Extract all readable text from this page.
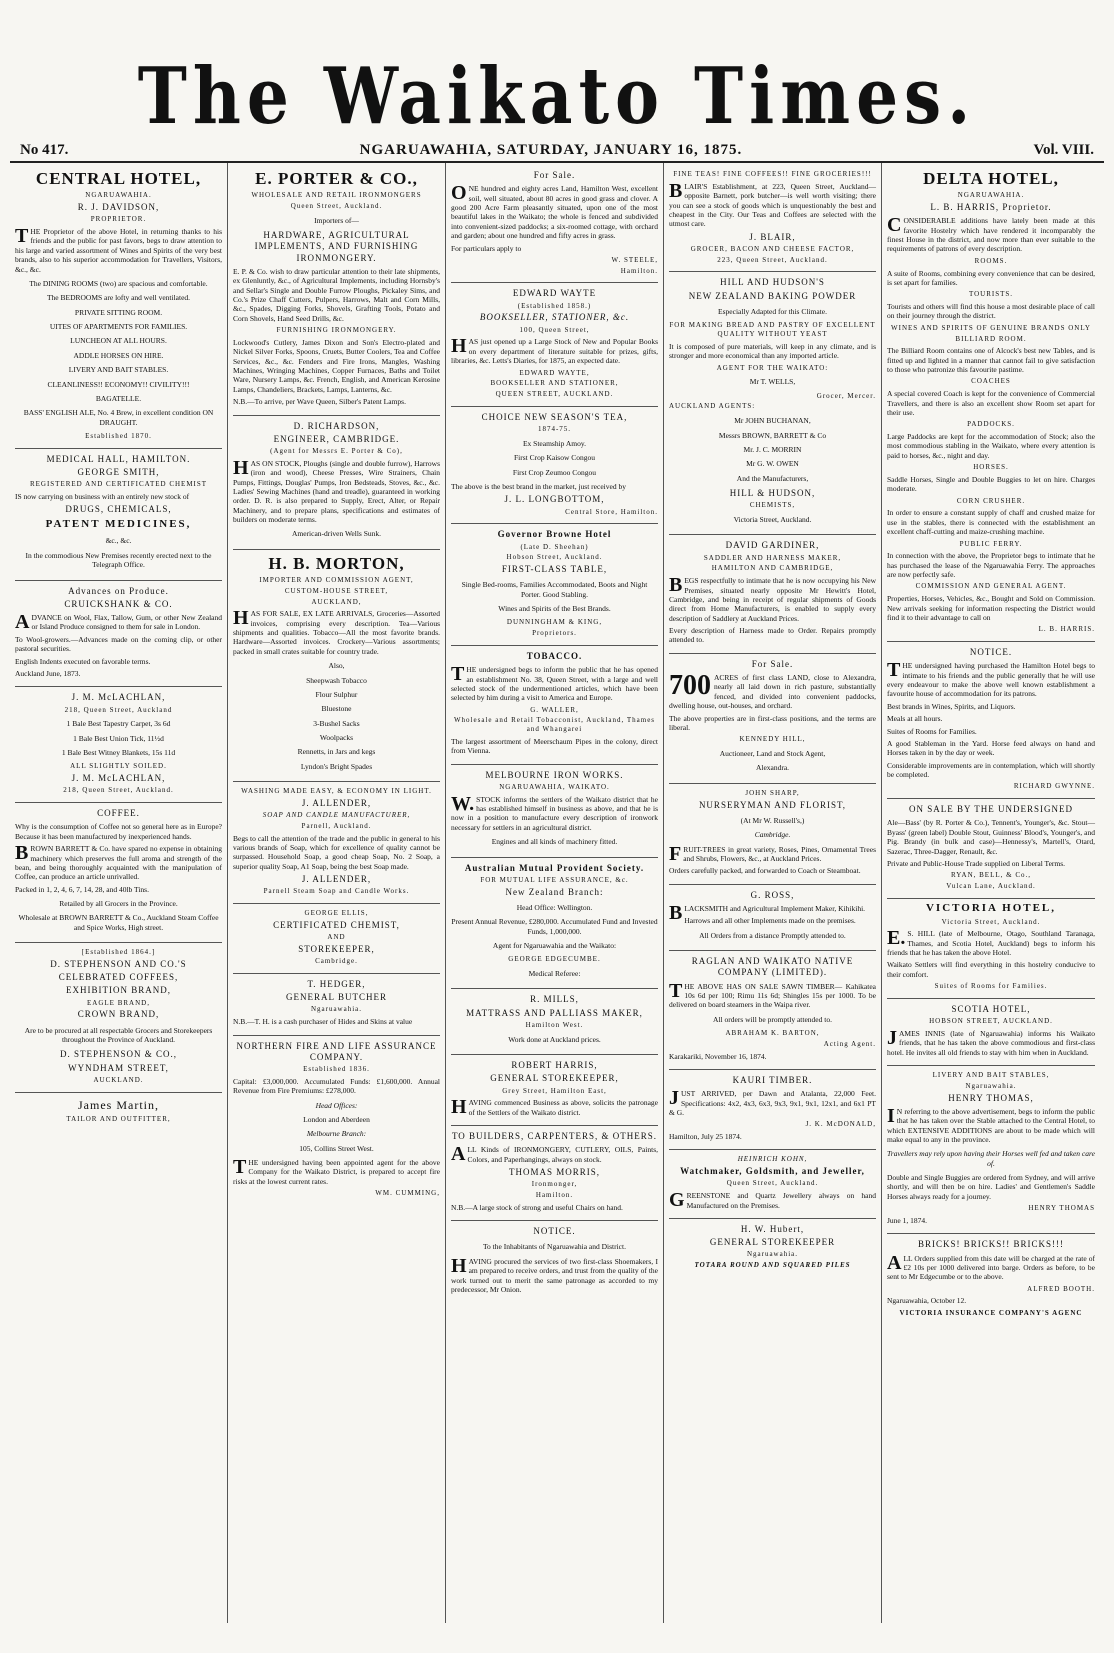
The Waikato Times.
No 417.	NGARUAWAHIA, SATURDAY, JANUARY 16, 1875.	Vol. VIII.
CENTRAL HOTEL,
NGARUAWAHIA.
R. J. DAVIDSON,
PROPRIETOR.
THE Proprietor of the above Hotel, in returning thanks to his friends and the public for past favors, begs to draw attention to his large and varied assortment of Wines and Spirits of the very best brands, also to his superior accommodation for Travellers, Visitors, &c., &c.
The DINING ROOMS (two) are spacious and comfortable.
The BEDROOMS are lofty and well ventilated.
PRIVATE SITTING ROOM.
UITES OF APARTMENTS FOR FAMILIES.
LUNCHEON AT ALL HOURS.
ADDLE HORSES ON HIRE.
LIVERY AND BAIT STABLES.
CLEANLINESS!! ECONOMY!! CIVILITY!!!
BAGATELLE.
BASS' ENGLISH ALE, No. 4 Brew, in excellent condition ON DRAUGHT.
Established 1870.
MEDICAL HALL, HAMILTON.
GEORGE SMITH,
REGISTERED AND CERTIFICATED CHEMIST
IS now carrying on business with an entirely new stock of
DRUGS, CHEMICALS,
PATENT MEDICINES,
&c., &c.
In the commodious New Premises recently erected next to the Telegraph Office.
Advances on Produce.
CRUICKSHANK & CO.
ADVANCE on Wool, Flax, Tallow, Gum, or other New Zealand or Island Produce consigned to them for sale in London.
To Wool-growers.—Advances made on the coming clip, or other pastoral securities.
English Indents executed on favorable terms.
Auckland June, 1873.
J. M. McLACHLAN,
218, Queen Street, Auckland
1 Bale Best Tapestry Carpet, 3s 6d
1 Bale Best Union Tick, 11½d
1 Bale Best Witney Blankets, 15s 11d
ALL SLIGHTLY SOILED.
J. M. McLACHLAN,
218, Queen Street, Auckland.
COFFEE.
Why is the consumption of Coffee not so general here as in Europe? Because it has been manufactured by inexperienced hands.
BROWN BARRETT & Co. have spared no expense in obtaining machinery which preserves the full aroma and strength of the bean, and being thoroughly acquainted with the manipulation of Coffee, can produce an article unrivalled.
Packed in 1, 2, 4, 6, 7, 14, 28, and 40lb Tins.
Retailed by all Grocers in the Province.
Wholesale at BROWN BARRETT & Co., Auckland Steam Coffee and Spice Works, High street.
[Established 1864.]
D. STEPHENSON AND CO.'S
CELEBRATED COFFEES,
EXHIBITION BRAND,
EAGLE BRAND,
CROWN BRAND,
Are to be procured at all respectable Grocers and Storekeepers throughout the Province of Auckland.
D. STEPHENSON & CO.,
WYNDHAM STREET,
AUCKLAND.
James Martin,
TAILOR AND OUTFITTER,
E. PORTER & CO.,
WHOLESALE AND RETAIL IRONMONGERS
Queen Street, Auckland.
Importers of—
HARDWARE, AGRICULTURAL IMPLEMENTS, AND FURNISHING IRONMONGERY.
E. P. & Co. wish to draw particular attention to their late shipments, ex Glenluntly, &c., of Agricultural Implements, including Hornsby's and Sellar's Single and Double Furrow Ploughs, Pickaley Sims, and Co.'s Prize Chaff Cutters, Pulpers, Harrows, Malt and Corn Mills, &c., Spades, Digging Forks, Shovels, Grafting Tools, Potato and Corn Shovels, Hand Seed Drills, &c.
FURNISHING IRONMONGERY.
Lockwood's Cutlery, James Dixon and Son's Electro-plated and Nickel Silver Forks, Spoons, Cruets, Butter Coolers, Tea and Coffee Services, &c., &c. Fenders and Fire Irons, Mangles, Washing Machines, Wringing Machines, Copper Furnaces, Baths and Toilet Ware, Nursery Lamps, &c. French, English, and American Kerosine Lamps, Chandeliers, Brackets, Lamps, Lanterns, &c.
N.B.—To arrive, per Wave Queen, Silber's Patent Lamps.
D. RICHARDSON,
ENGINEER, CAMBRIDGE.
(Agent for Messrs E. Porter & Co),
HAS ON STOCK, Ploughs (single and double furrow), Harrows (iron and wood), Cheese Presses, Wire Strainers, Chain Pumps, Fittings, Douglas' Pumps, Iron Bedsteads, Stoves, &c., &c. Ladies' Sewing Machines (hand and treadle), guaranteed in working order. D. R. is also prepared to Supply, Erect, Alter, or Repair Machinery, and to prepare plans, specifications and estimates of builders on moderate terms.
American-driven Wells Sunk.
H. B. MORTON,
IMPORTER AND COMMISSION AGENT,
CUSTOM-HOUSE STREET,
AUCKLAND,
HAS FOR SALE, EX LATE ARRIVALS, Groceries—Assorted invoices, comprising every description. Tea—Various shipments and qualities. Tobacco—All the most favorite brands. Hardware—Assorted invoices. Crockery—Various assortments; packed in small crates suitable for country trade.
Also,
Sheepwash Tobacco
Flour Sulphur
Bluestone
3-Bushel Sacks
Woolpacks
Rennetts, in Jars and kegs
Lyndon's Bright Spades
WASHING MADE EASY, & ECONOMY IN LIGHT.
J. ALLENDER,
SOAP AND CANDLE MANUFACTURER,
Parnell, Auckland.
Begs to call the attention of the trade and the public in general to his various brands of Soap, which for excellence of quality cannot be surpassed. Household Soap, a good cheap Soap, No. 2 Soap, a superior quality Soap, A1 Soap, being the best Soap made.
J. ALLENDER,
Parnell Steam Soap and Candle Works.
GEORGE ELLIS,
CERTIFICATED CHEMIST,
AND
STOREKEEPER,
Cambridge.
T. HEDGER,
GENERAL BUTCHER
Ngaruawahia.
N.B.—T. H. is a cash purchaser of Hides and Skins at value
NORTHERN FIRE AND LIFE ASSURANCE COMPANY.
Established 1836.
Capital: £3,000,000. Accumulated Funds: £1,600,000. Annual Revenue from Fire Premiums: £278,000.
Head Offices:
London and Aberdeen
Melbourne Branch:
105, Collins Street West.
THE undersigned having been appointed agent for the above Company for the Waikato District, is prepared to accept fire risks at the lowest current rates.
WM. CUMMING,
For Sale.
ONE hundred and eighty acres Land, Hamilton West, excellent soil, well situated, about 80 acres in good grass and clover. A good 200 Acre Farm pleasantly situated, upon one of the most beautiful lakes in the Waikato; the whole is fenced and subdivided into convenient-sized paddocks; a six-roomed cottage, with orchard and garden; about one hundred and fifty acres in grass.
For particulars apply to
W. STEELE,
Hamilton.
EDWARD WAYTE
(Established 1858.)
BOOKSELLER, STATIONER, &c.
100, Queen Street,
HAS just opened up a Large Stock of New and Popular Books on every department of literature suitable for prizes, gifts, libraries, &c. Letts's Diaries, for 1875, an expected date.
EDWARD WAYTE,
BOOKSELLER AND STATIONER,
QUEEN STREET, AUCKLAND.
CHOICE NEW SEASON'S TEA,
1874-75.
Ex Steamship Amoy.
First Crop Kaisow Congou
First Crop Zeumoo Congou
The above is the best brand in the market, just received by
J. L. LONGBOTTOM,
Central Store, Hamilton.
Governor Browne Hotel
(Late D. Sheehan)
Hobson Street, Auckland.
FIRST-CLASS TABLE,
Single Bed-rooms, Families Accommodated, Boots and Night Porter. Good Stabling.
Wines and Spirits of the Best Brands.
DUNNINGHAM & KING,
Proprietors.
TOBACCO.
THE undersigned begs to inform the public that he has opened an establishment No. 38, Queen Street, with a large and well selected stock of the undermentioned articles, which have been selected by him during a visit to America and Europe.
G. WALLER,
Wholesale and Retail Tobacconist, Auckland, Thames and Whangarei
The largest assortment of Meerschaum Pipes in the colony, direct from Vienna.
MELBOURNE IRON WORKS.
NGARUAWAHIA, WAIKATO.
W.STOCK informs the settlers of the Waikato district that he has established himself in business as above, and that he is now in a position to manufacture every description of ironwork necessary for settlers in an agricultural district.
Engines and all kinds of machinery fitted.
Australian Mutual Provident Society.
FOR MUTUAL LIFE ASSURANCE, &c.
New Zealand Branch:
Head Office: Wellington.
Present Annual Revenue, £280,000. Accumulated Fund and Invested Funds, 1,000,000.
Agent for Ngaruawahia and the Waikato:
GEORGE EDGECUMBE.
Medical Referee:
R. MILLS,
MATTRASS AND PALLIASS MAKER,
Hamilton West.
Work done at Auckland prices.
ROBERT HARRIS,
GENERAL STOREKEEPER,
Grey Street, Hamilton East,
HAVING commenced Business as above, solicits the patronage of the Settlers of the Waikato district.
TO BUILDERS, CARPENTERS, & OTHERS.
ALL Kinds of IRONMONGERY, CUTLERY, OILS, Paints, Colors, and Paperhangings, always on stock.
THOMAS MORRIS,
Ironmonger,
Hamilton.
N.B.—A large stock of strong and useful Chairs on hand.
NOTICE.
To the Inhabitants of Ngaruawahia and District.
HAVING procured the services of two first-class Shoemakers, I am prepared to receive orders, and trust from the quality of the work turned out to merit the same patronage as accorded to my predecessor, Mr Onion.
FINE TEAS! FINE COFFEES!! FINE GROCERIES!!!
BLAIR'S Establishment, at 223, Queen Street, Auckland—opposite Barnett, pork butcher—is well worth visiting; there you can see a stock of goods which is unquestionably the best and cheapest in the City. Our Teas and Coffees are selected with the utmost care.
J. BLAIR,
GROCER, BACON AND CHEESE FACTOR,
223, Queen Street, Auckland.
HILL AND HUDSON'S
NEW ZEALAND BAKING POWDER
Especially Adapted for this Climate.
FOR MAKING BREAD AND PASTRY OF EXCELLENT QUALITY WITHOUT YEAST
It is composed of pure materials, will keep in any climate, and is stronger and more economical than any imported article.
AGENT FOR THE WAIKATO:
Mr T. WELLS,
Grocer, Mercer.
AUCKLAND AGENTS:
Mr JOHN BUCHANAN,
Messrs BROWN, BARRETT & Co
Mr. J. C. MORRIN
Mr G. W. OWEN
And the Manufacturers,
HILL & HUDSON,
CHEMISTS,
Victoria Street, Auckland.
DAVID GARDINER,
SADDLER AND HARNESS MAKER,
HAMILTON AND CAMBRIDGE,
BEGS respectfully to intimate that he is now occupying his New Premises, situated nearly opposite Mr Hewitt's Hotel, Cambridge, and being in receipt of regular shipments of Goods direct from Home Manufacturers, is enabled to supply every description of Saddlery at Auckland Prices.
Every description of Harness made to Order. Repairs promptly attended to.
For Sale.
700 ACRES of first class LAND, close to Alexandra, nearly all laid down in rich pasture, substantially fenced, and divided into convenient paddocks, dwelling house, out-houses, and orchard.
The above properties are in first-class positions, and the terms are liberal.
KENNEDY HILL,
Auctioneer, Land and Stock Agent,
Alexandra.
JOHN SHARP,
NURSERYMAN AND FLORIST,
(At Mr W. Russell's,)
Cambridge.
FRUIT-TREES in great variety, Roses, Pines, Ornamental Trees and Shrubs, Flowers, &c., at Auckland Prices.
Orders carefully packed, and forwarded to Coach or Steamboat.
G. ROSS,
BLACKSMITH and Agricultural Implement Maker, Kihikihi.
Harrows and all other Implements made on the premises.
All Orders from a distance Promptly attended to.
RAGLAN AND WAIKATO NATIVE COMPANY (LIMITED).
THE ABOVE HAS ON SALE SAWN TIMBER— Kahikatea 10s 6d per 100; Rimu 11s 6d; Shingles 15s per 1000. To be delivered on board steamers in the Waipa river.
All orders will be promptly attended to.
ABRAHAM K. BARTON,
Acting Agent.
Karakariki, November 16, 1874.
KAURI TIMBER.
JUST ARRIVED, per Dawn and Atalanta, 22,000 Feet. Specifications: 4x2, 4x3, 6x3, 9x3, 9x1, 9x1, 12x1, and 6x1 PT & G.
J. K. McDONALD,
Hamilton, July 25 1874.
HEINRICH KOHN,
Watchmaker, Goldsmith, and Jeweller,
Queen Street, Auckland.
GREENSTONE and Quartz Jewellery always on hand Manufactured on the Premises.
H. W. Hubert,
GENERAL STOREKEEPER
Ngaruawahia.
TOTARA ROUND AND SQUARED PILES
DELTA HOTEL,
NGARUAWAHIA.
L. B. HARRIS, Proprietor.
CONSIDERABLE additions have lately been made at this favorite Hostelry which have rendered it incomparably the finest House in the district, and now more than ever suitable to the requirements of patrons of every description.
ROOMS.
A suite of Rooms, combining every convenience that can be desired, is set apart for families.
TOURISTS.
Tourists and others will find this house a most desirable place of call on their journey through the district.
WINES AND SPIRITS OF GENUINE BRANDS ONLY
BILLIARD ROOM.
The Billiard Room contains one of Alcock's best new Tables, and is fitted up and lighted in a manner that cannot fail to give satisfaction to those who patronize this favourite pastime.
COACHES
A special covered Coach is kept for the convenience of Commercial Travellers, and there is also an excellent show Room set apart for their use.
PADDOCKS.
Large Paddocks are kept for the accommodation of Stock; also the most commodious stabling in the Waikato, where every attention is paid to horses, &c., night and day.
HORSES.
Saddle Horses, Single and Double Buggies to let on hire. Charges moderate.
CORN CRUSHER.
In order to ensure a constant supply of chaff and crushed maize for use in the stables, there is connected with the establishment an excellent chaff-cutting and maize-crushing machine.
PUBLIC FERRY.
In connection with the above, the Proprietor begs to intimate that he has purchased the lease of the Ngaruawahia Ferry. The approaches are now perfectly safe.
COMMISSION AND GENERAL AGENT.
Properties, Horses, Vehicles, &c., Bought and Sold on Commission. New arrivals seeking for information respecting the District would find it to their advantage to call on
L. B. HARRIS.
NOTICE.
THE undersigned having purchased the Hamilton Hotel begs to intimate to his friends and the public generally that he will use every endeavour to make the above well known establishment a favourite house of accommodation for its patrons.
Best brands in Wines, Spirits, and Liquors.
Meals at all hours.
Suites of Rooms for Families.
A good Stableman in the Yard. Horse feed always on hand and Horses taken in by the day or week.
Considerable improvements are in contemplation, which will shortly be completed.
RICHARD GWYNNE.
ON SALE BY THE UNDERSIGNED
Ale—Bass' (by R. Porter & Co.), Tennent's, Younger's, &c. Stout—Byass' (green label) Double Stout, Guinness' Blood's, Younger's, and Pig. Brandy (in bulk and case)—Hennessy's, Martell's, Otard, Sazerac, Three-Dagger, Renault, &c.
Private and Public-House Trade supplied on Liberal Terms.
RYAN, BELL, & Co.,
Vulcan Lane, Auckland.
VICTORIA HOTEL,
Victoria Street, Auckland.
E.S. HILL (late of Melbourne, Otago, Southland Taranaga, Thames, and Scotia Hotel, Auckland) begs to inform his friends that he has taken the above Hotel.
Waikato Settlers will find everything in this hostelry conducive to their comfort.
Suites of Rooms for Families.
SCOTIA HOTEL,
HOBSON STREET, AUCKLAND.
JAMES INNIS (late of Ngaruawahia) informs his Waikato friends, that he has taken the above commodious and first-class hotel. He invites all old friends to stay with him when in Auckland.
LIVERY AND BAIT STABLES,
Ngaruawahia.
HENRY THOMAS,
IN referring to the above advertisement, begs to inform the public that he has taken over the Stable attached to the Central Hotel, to which EXTENSIVE ADDITIONS are about to be made which will make equal to any in the province.
Travellers may rely upon having their Horses well fed and taken care of.
Double and Single Buggies are ordered from Sydney, and will arrive shortly, and will then be on hire. Ladies' and Gentlemen's Saddle Horses always ready for a journey.
HENRY THOMAS
June 1, 1874.
BRICKS! BRICKS!! BRICKS!!!
ALL Orders supplied from this date will be charged at the rate of £2 10s per 1000 delivered into barge. Orders as before, to be sent to Mr Edgecumbe or to the above.
ALFRED BOOTH.
Ngaruawahia, October 12.
VICTORIA INSURANCE COMPANY'S AGENC
